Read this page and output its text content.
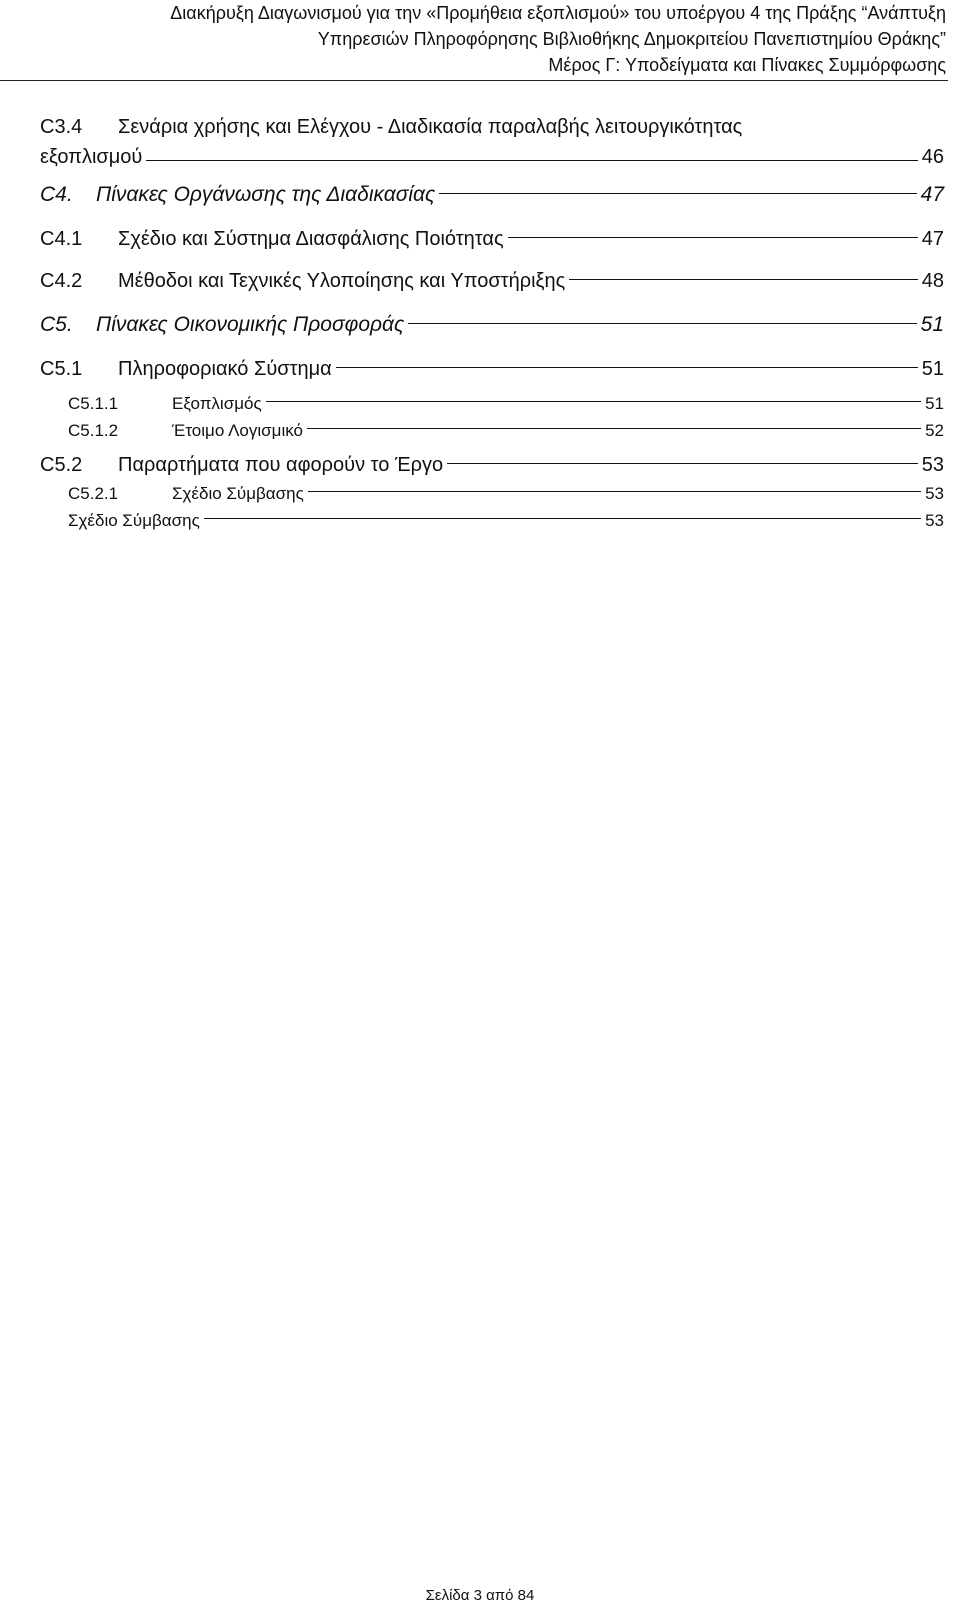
Διακήρυξη Διαγωνισμού για την «Προμήθεια εξοπλισμού» του υποέργου 4 της Πράξης “Ανάπτυξη
Υπηρεσιών Πληροφόρησης Βιβλιοθήκης Δημοκριτείου Πανεπιστημίου Θράκης”
Μέρος Γ: Υποδείγματα και Πίνακες Συμμόρφωσης
C3.4	Σενάρια χρήσης και Ελέγχου - Διαδικασία παραλαβής λειτουργικότητας
εξοπλισμού	46
C4.	Πίνακες Οργάνωσης της Διαδικασίας	47
C4.1	Σχέδιο και Σύστημα Διασφάλισης Ποιότητας	47
C4.2	Μέθοδοι και Τεχνικές Υλοποίησης και Υποστήριξης	48
C5.	Πίνακες Οικονομικής Προσφοράς	51
C5.1	Πληροφοριακό Σύστημα	51
C5.1.1	Εξοπλισμός	51
C5.1.2	Έτοιμο Λογισμικό	52
C5.2	Παραρτήματα που αφορούν το Έργο	53
C5.2.1	Σχέδιο Σύμβασης	53
Σχέδιο Σύμβασης	53
Σελίδα 3 από 84
